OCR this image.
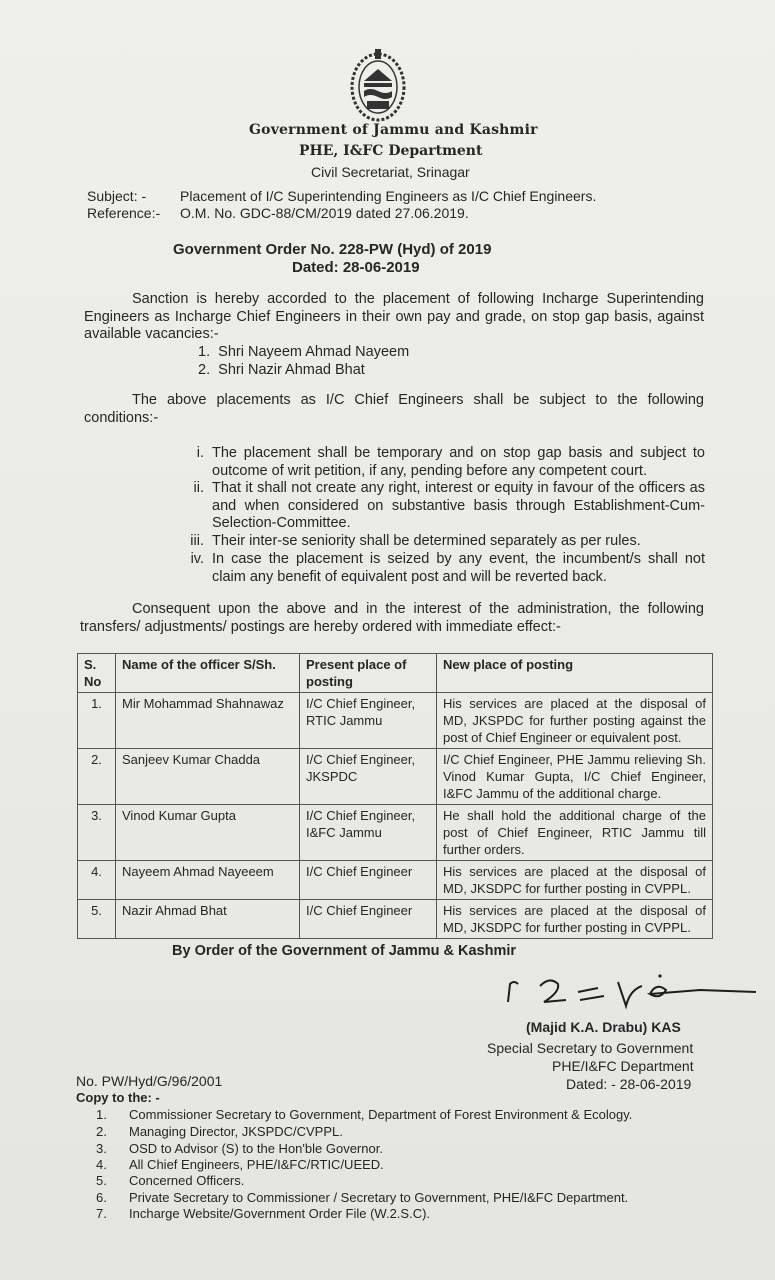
Government of Jammu and Kashmir
PHE, I&FC Department
Civil Secretariat, Srinagar
Subject: - Placement of I/C Superintending Engineers as I/C Chief Engineers.
Reference:- O.M. No. GDC-88/CM/2019 dated 27.06.2019.
Government Order No. 228-PW (Hyd) of 2019
Dated: 28-06-2019
Sanction is hereby accorded to the placement of following Incharge Superintending Engineers as Incharge Chief Engineers in their own pay and grade, on stop gap basis, against available vacancies:-
1. Shri Nayeem Ahmad Nayeem
2. Shri Nazir Ahmad Bhat
The above placements as I/C Chief Engineers shall be subject to the following conditions:-
i. The placement shall be temporary and on stop gap basis and subject to outcome of writ petition, if any, pending before any competent court.
ii. That it shall not create any right, interest or equity in favour of the officers as and when considered on substantive basis through Establishment-Cum-Selection-Committee.
iii. Their inter-se seniority shall be determined separately as per rules.
iv. In case the placement is seized by any event, the incumbent/s shall not claim any benefit of equivalent post and will be reverted back.
Consequent upon the above and in the interest of the administration, the following transfers/ adjustments/ postings are hereby ordered with immediate effect:-
S. No	Name of the officer S/Sh.	Present place of posting	New place of posting
1.	Mir Mohammad Shahnawaz	I/C Chief Engineer, RTIC Jammu	His services are placed at the disposal of MD, JKSPDC for further posting against the post of Chief Engineer or equivalent post.
2.	Sanjeev Kumar Chadda	I/C Chief Engineer, JKSPDC	I/C Chief Engineer, PHE Jammu relieving Sh. Vinod Kumar Gupta, I/C Chief Engineer, I&FC Jammu of the additional charge.
3.	Vinod Kumar Gupta	I/C Chief Engineer, I&FC Jammu	He shall hold the additional charge of the post of Chief Engineer, RTIC Jammu till further orders.
4.	Nayeem Ahmad Nayeeem	I/C Chief Engineer	His services are placed at the disposal of MD, JKSDPC for further posting in CVPPL.
5.	Nazir Ahmad Bhat	I/C Chief Engineer	His services are placed at the disposal of MD, JKSDPC for further posting in CVPPL.
By Order of the Government of Jammu & Kashmir
(Majid K.A. Drabu) KAS
Special Secretary to Government
PHE/I&FC Department
Dated: - 28-06-2019
No. PW/Hyd/G/96/2001
Copy to the: -
1. Commissioner Secretary to Government, Department of Forest Environment & Ecology.
2. Managing Director, JKSPDC/CVPPL.
3. OSD to Advisor (S) to the Hon'ble Governor.
4. All Chief Engineers, PHE/I&FC/RTIC/UEED.
5. Concerned Officers.
6. Private Secretary to Commissioner / Secretary to Government, PHE/I&FC Department.
7. Incharge Website/Government Order File (W.2.S.C).
